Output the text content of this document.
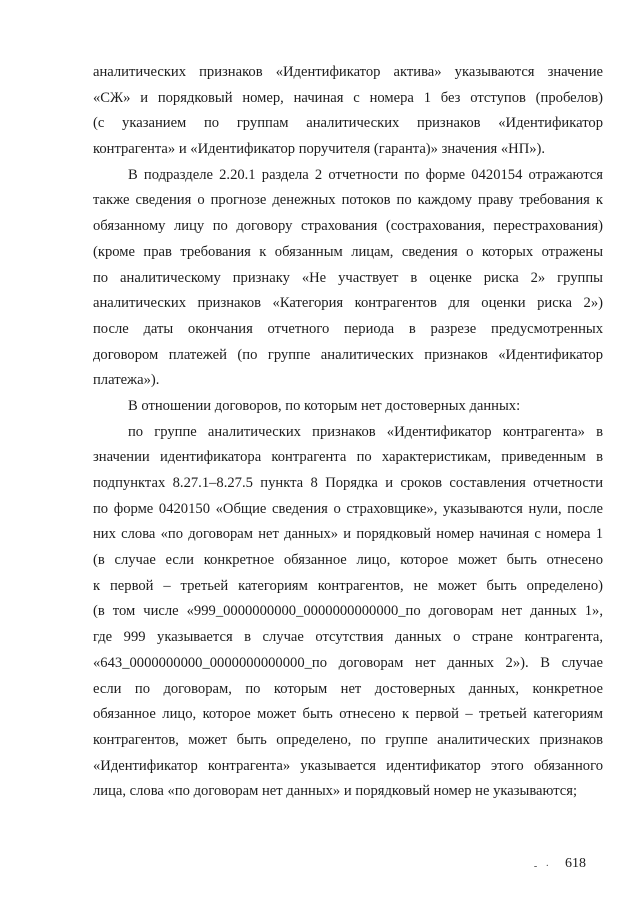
аналитических признаков «Идентификатор актива» указываются значение
«СЖ» и порядковый номер, начиная с номера 1 без отступов (пробелов)
(с указанием по группам аналитических признаков «Идентификатор
контрагента» и «Идентификатор поручителя (гаранта)» значения «НП»).
В подразделе 2.20.1 раздела 2 отчетности по форме 0420154 отражаются
также сведения о прогнозе денежных потоков по каждому праву требования к
обязанному лицу по договору страхования (сострахования, перестрахования)
(кроме прав требования к обязанным лицам, сведения о которых отражены
по аналитическому признаку «Не участвует в оценке риска 2» группы
аналитических признаков «Категория контрагентов для оценки риска 2»)
после даты окончания отчетного периода в разрезе предусмотренных
договором платежей (по группе аналитических признаков «Идентификатор
платежа»).
В отношении договоров, по которым нет достоверных данных:
по группе аналитических признаков «Идентификатор контрагента» в
значении идентификатора контрагента по характеристикам, приведенным в
подпунктах 8.27.1–8.27.5 пункта 8 Порядка и сроков составления отчетности
по форме 0420150 «Общие сведения о страховщике», указываются нули, после
них слова «по договорам нет данных» и порядковый номер начиная с номера 1
(в случае если конкретное обязанное лицо, которое может быть отнесено
к первой – третьей категориям контрагентов, не может быть определено)
(в том числе «999_0000000000_0000000000000_по договорам нет данных 1»,
где 999 указывается в случае отсутствия данных о стране контрагента,
«643_0000000000_0000000000000_по договорам нет данных 2»). В случае
если по договорам, по которым нет достоверных данных, конкретное
обязанное лицо, которое может быть отнесено к первой – третьей категориям
контрагентов, может быть определено, по группе аналитических признаков
«Идентификатор контрагента» указывается идентификатор этого обязанного
лица, слова «по договорам нет данных» и порядковый номер не указываются;
- · 618
